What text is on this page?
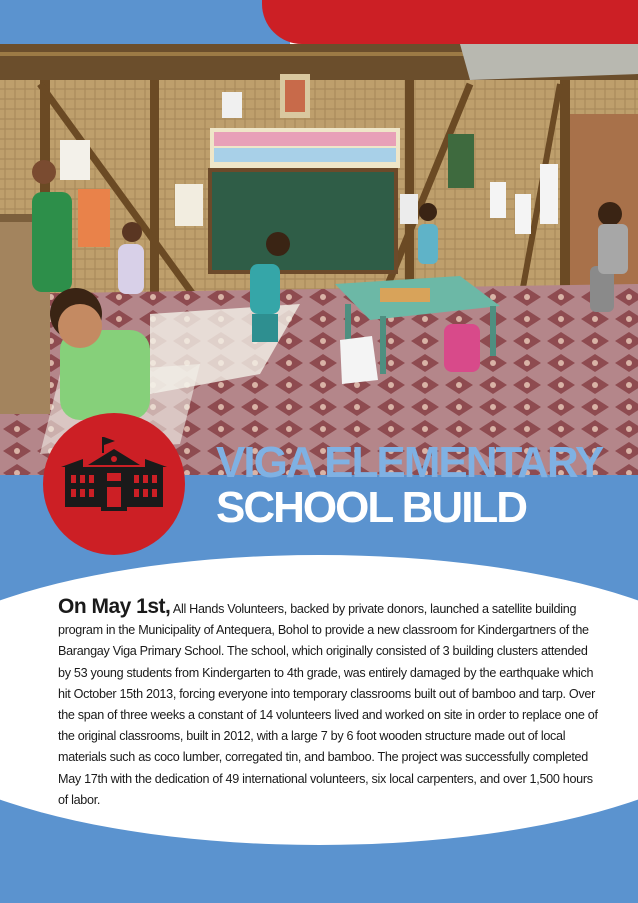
VIGA ELEMENTARY
SCHOOL BUILD
On May 1st, All Hands Volunteers, backed by private donors, launched a satellite building program in the Municipality of Antequera, Bohol to provide a new classroom for Kindergartners of the Barangay Viga Primary School. The school, which originally consisted of 3 building clusters attended by 53 young students from Kindergarten to 4th grade, was entirely damaged by the earthquake which hit October 15th 2013, forcing everyone into temporary classrooms built out of bamboo and tarp. Over the span of three weeks a constant of 14 volunteers lived and worked on site in order to replace one of the original classrooms, built in 2012, with a large 7 by 6 foot wooden structure made out of local materials such as coco lumber, corregated tin, and bamboo. The project was successfully completed May 17th with the dedication of 49 international volunteers, six local carpenters, and over 1,500 hours of labor.
